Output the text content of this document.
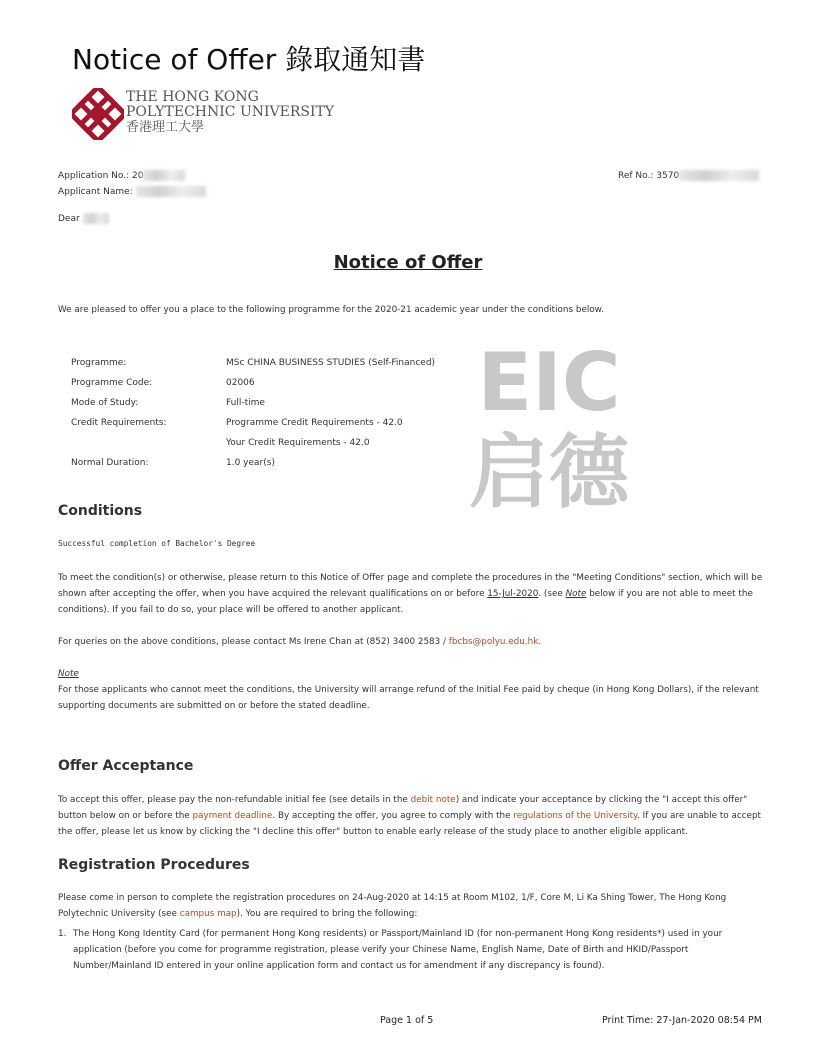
Notice of Offer 錄取通知書
THE HONG KONG
POLYTECHNIC UNIVERSITY
香港理工大學
Application No.: 20
Applicant Name:
Ref No.: 3570
Dear
Notice of Offer
We are pleased to offer you a place to the following programme for the 2020-21 academic year under the conditions below.
Programme:	MSc CHINA BUSINESS STUDIES (Self-Financed)
Programme Code:	02006
Mode of Study:	Full-time
Credit Requirements:	Programme Credit Requirements - 42.0
Your Credit Requirements - 42.0
Normal Duration:	1.0 year(s)
EIC
启德
Conditions
Successful completion of Bachelor's Degree
To meet the condition(s) or otherwise, please return to this Notice of Offer page and complete the procedures in the "Meeting Conditions" section, which will be shown after accepting the offer, when you have acquired the relevant qualifications on or before 15-Jul-2020. (see Note below if you are not able to meet the conditions). If you fail to do so, your place will be offered to another applicant.
For queries on the above conditions, please contact Ms Irene Chan at (852) 3400 2583 / fbcbs@polyu.edu.hk.
Note
For those applicants who cannot meet the conditions, the University will arrange refund of the Initial Fee paid by cheque (in Hong Kong Dollars), if the relevant supporting documents are submitted on or before the stated deadline.
Offer Acceptance
To accept this offer, please pay the non-refundable initial fee (see details in the debit note) and indicate your acceptance by clicking the "I accept this offer" button below on or before the payment deadline. By accepting the offer, you agree to comply with the regulations of the University. If you are unable to accept the offer, please let us know by clicking the "I decline this offer" button to enable early release of the study place to another eligible applicant.
Registration Procedures
Please come in person to complete the registration procedures on 24-Aug-2020 at 14:15 at Room M102, 1/F, Core M, Li Ka Shing Tower, The Hong Kong Polytechnic University (see campus map). You are required to bring the following:
1. The Hong Kong Identity Card (for permanent Hong Kong residents) or Passport/Mainland ID (for non-permanent Hong Kong residents*) used in your application (before you come for programme registration, please verify your Chinese Name, English Name, Date of Birth and HKID/Passport Number/Mainland ID entered in your online application form and contact us for amendment if any discrepancy is found).
Page 1 of 5	Print Time: 27-Jan-2020 08:54 PM
